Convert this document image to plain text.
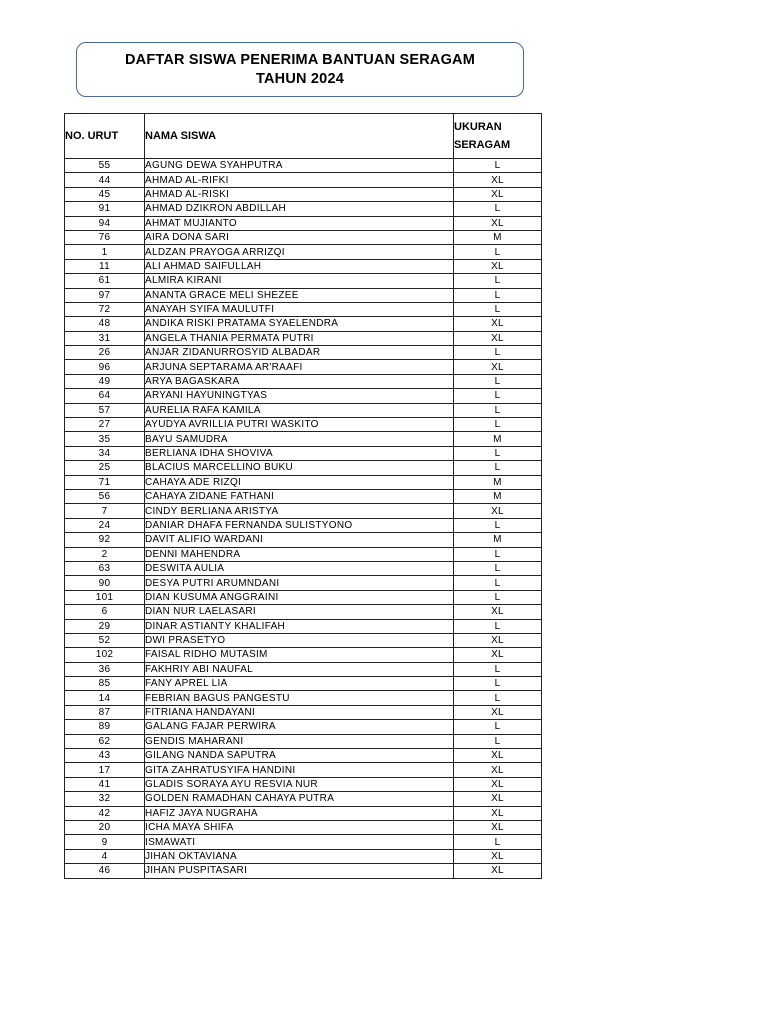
DAFTAR SISWA PENERIMA BANTUAN SERAGAM
TAHUN 2024
NO. URUT	NAMA SISWA	UKURAN
SERAGAM

55	AGUNG DEWA SYAHPUTRA	L
44	AHMAD AL-RIFKI	XL
45	AHMAD AL-RISKI	XL
91	AHMAD DZIKRON ABDILLAH	L
94	AHMAT MUJIANTO	XL
76	AIRA DONA SARI	M
1	ALDZAN PRAYOGA ARRIZQI	L
11	ALI AHMAD SAIFULLAH	XL
61	ALMIRA KIRANI	L
97	ANANTA GRACE MELI SHEZEE	L
72	ANAYAH SYIFA MAULUTFI	L
48	ANDIKA RISKI PRATAMA SYAELENDRA	XL
31	ANGELA THANIA PERMATA PUTRI	XL
26	ANJAR ZIDANURROSYID ALBADAR	L
96	ARJUNA SEPTARAMA AR'RAAFI	XL
49	ARYA BAGASKARA	L
64	ARYANI HAYUNINGTYAS	L
57	AURELIA RAFA KAMILA	L
27	AYUDYA AVRILLIA PUTRI WASKITO	L
35	BAYU SAMUDRA	M
34	BERLIANA IDHA SHOVIVA	L
25	BLACIUS MARCELLINO BUKU	L
71	CAHAYA ADE RIZQI	M
56	CAHAYA ZIDANE FATHANI	M
7	CINDY BERLIANA ARISTYA	XL
24	DANIAR DHAFA FERNANDA SULISTYONO	L
92	DAVIT ALIFIO WARDANI	M
2	DENNI MAHENDRA	L
63	DESWITA AULIA	L
90	DESYA PUTRI ARUMNDANI	L
101	DIAN KUSUMA ANGGRAINI	L
6	DIAN NUR LAELASARI	XL
29	DINAR ASTIANTY KHALIFAH	L
52	DWI PRASETYO	XL
102	FAISAL RIDHO MUTASIM	XL
36	FAKHRIY ABI NAUFAL	L
85	FANY APREL LIA	L
14	FEBRIAN BAGUS PANGESTU	L
87	FITRIANA HANDAYANI	XL
89	GALANG FAJAR PERWIRA	L
62	GENDIS MAHARANI	L
43	GILANG NANDA SAPUTRA	XL
17	GITA ZAHRATUSYIFA HANDINI	XL
41	GLADIS SORAYA AYU RESVIA NUR	XL
32	GOLDEN RAMADHAN CAHAYA PUTRA	XL
42	HAFIZ JAYA NUGRAHA	XL
20	ICHA MAYA SHIFA	XL
9	ISMAWATI	L
4	JIHAN OKTAVIANA	XL
46	JIHAN PUSPITASARI	XL
